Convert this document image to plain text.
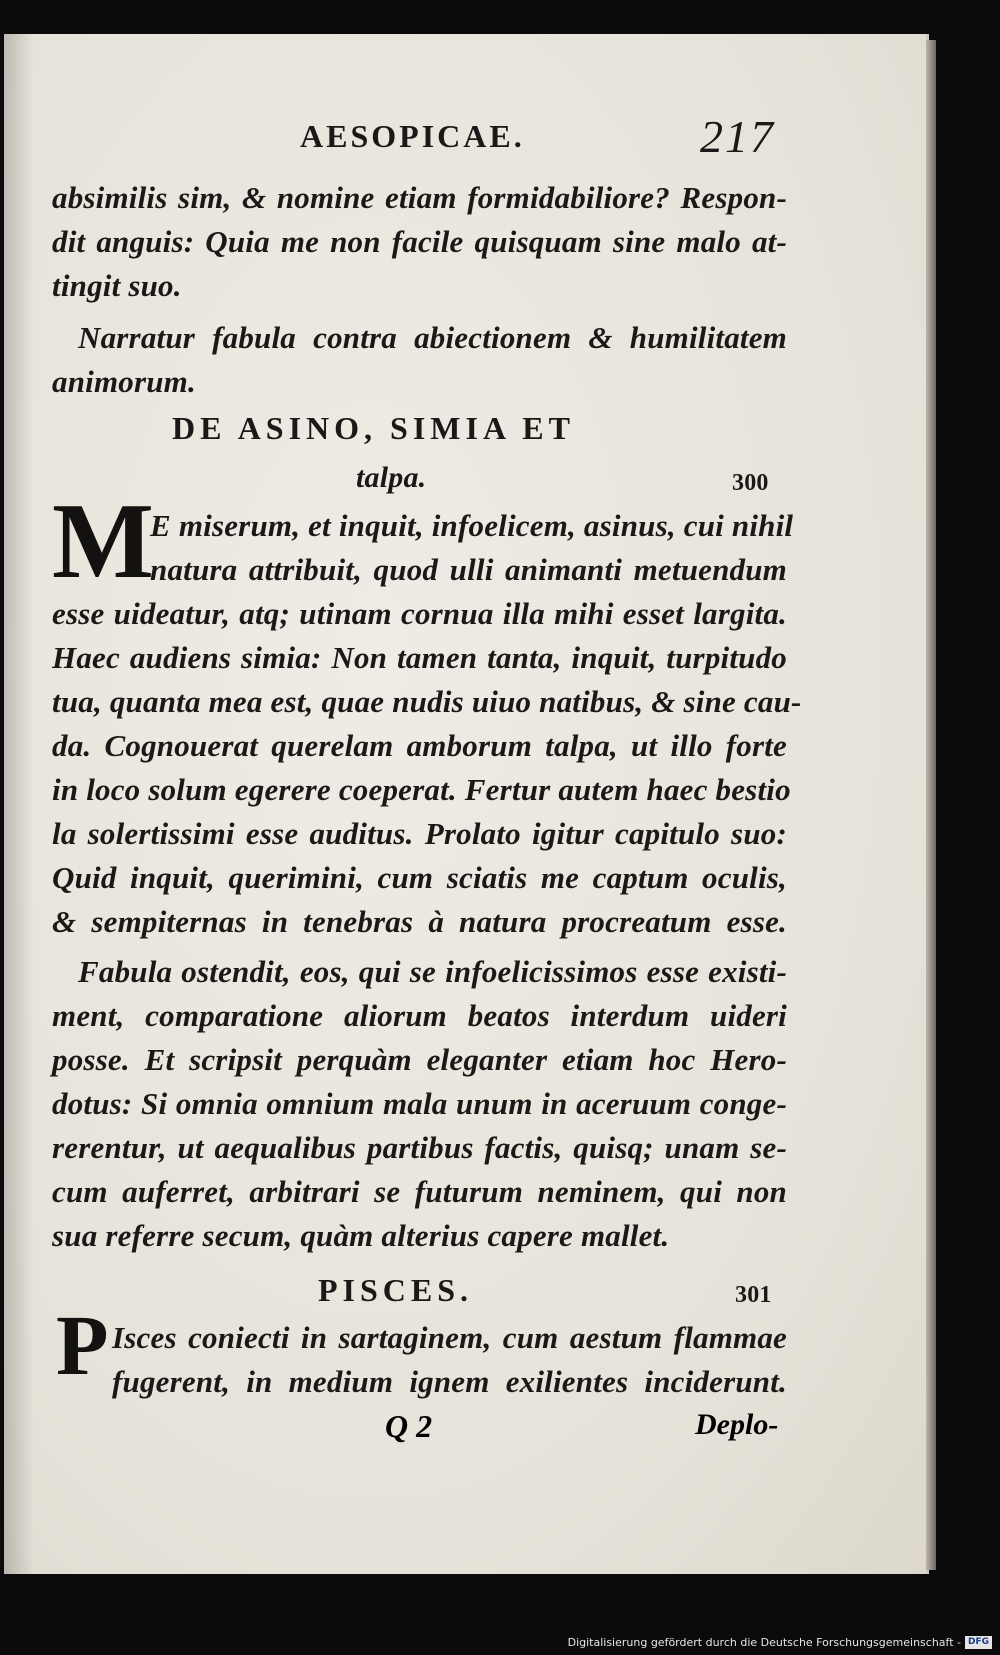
AESOPICAE.	217
absimilis sim, & nomine etiam formidabiliore? Respon-
dit anguis: Quia me non facile quisquam sine malo at-
tingit suo.
Narratur fabula contra abiectionem & humilitatem
animorum.
DE ASINO, SIMIA ET
talpa.	300
M
E miserum, et inquit, infoelicem, asinus, cui nihil
natura attribuit, quod ulli animanti metuendum
esse uideatur, atq; utinam cornua illa mihi esset largita.
Haec audiens simia: Non tamen tanta, inquit, turpitudo
tua, quanta mea est, quae nudis uiuo natibus, & sine cau-
da. Cognouerat querelam amborum talpa, ut illo forte
in loco solum egerere coeperat. Fertur autem haec bestio
la solertissimi esse auditus. Prolato igitur capitulo suo:
Quid inquit, querimini, cum sciatis me captum oculis,
& sempiternas in tenebras à natura procreatum esse.
Fabula ostendit, eos, qui se infoelicissimos esse existi-
ment, comparatione aliorum beatos interdum uideri
posse. Et scripsit perquàm eleganter etiam hoc Hero-
dotus: Si omnia omnium mala unum in aceruum conge-
rerentur, ut aequalibus partibus factis, quisq; unam se-
cum auferret, arbitrari se futurum neminem, qui non
sua referre secum, quàm alterius capere mallet.
PISCES.	301
P Isces coniecti in sartaginem, cum aestum flammae
fugerent, in medium ignem exilientes inciderunt.
Q 2	Deplo-
Digitalisierung gefördert durch die Deutsche Forschungsgemeinschaft - DFG
